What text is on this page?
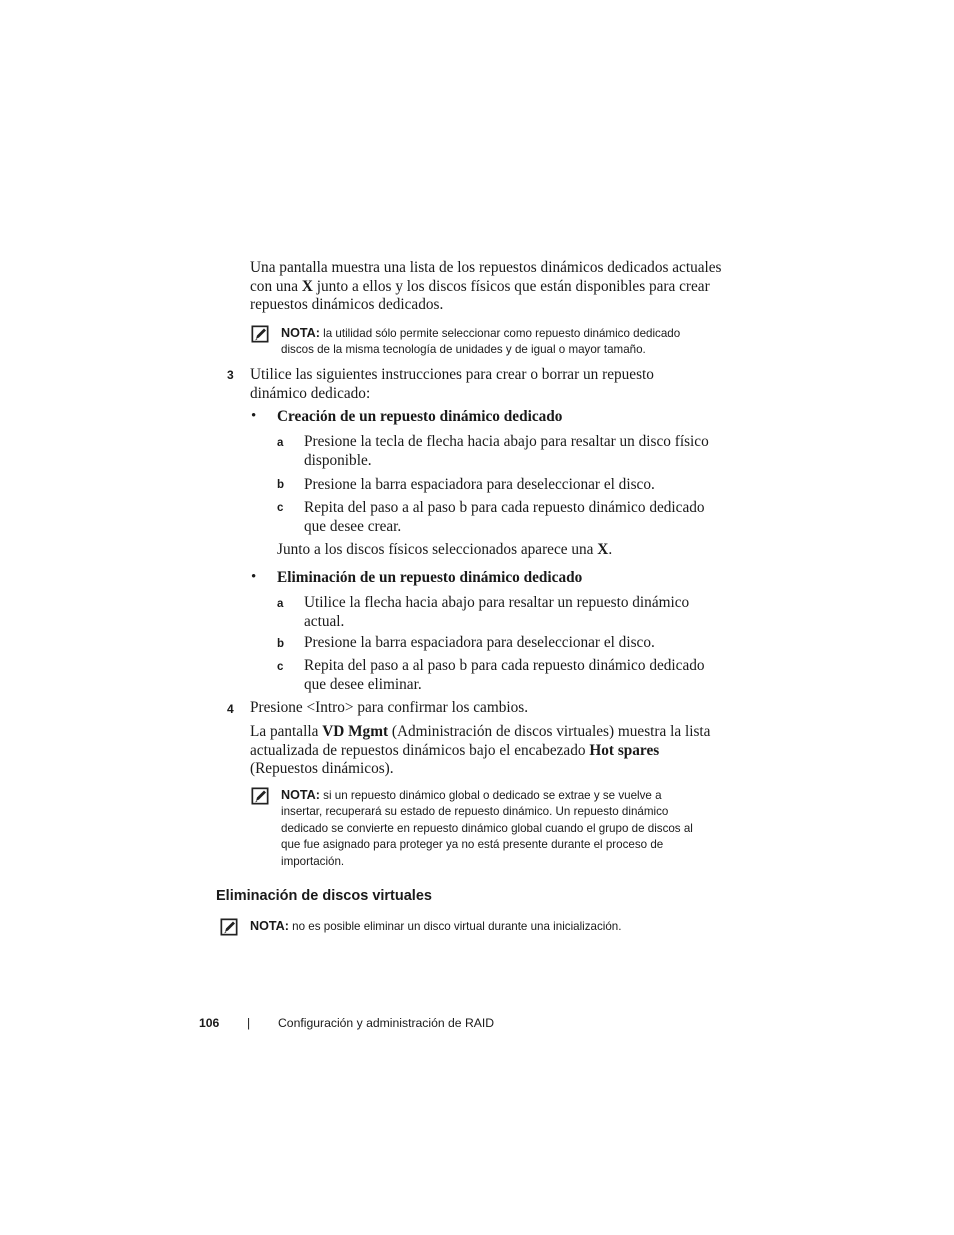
Una pantalla muestra una lista de los repuestos dinámicos dedicados actuales
con una X junto a ellos y los discos físicos que están disponibles para crear
repuestos dinámicos dedicados.
NOTA: la utilidad sólo permite seleccionar como repuesto dinámico dedicado
discos de la misma tecnología de unidades y de igual o mayor tamaño.
3 Utilice las siguientes instrucciones para crear o borrar un repuesto
dinámico dedicado:
• Creación de un repuesto dinámico dedicado
a Presione la tecla de flecha hacia abajo para resaltar un disco físico
disponible.
b Presione la barra espaciadora para deseleccionar el disco.
c Repita del paso a al paso b para cada repuesto dinámico dedicado
que desee crear.
Junto a los discos físicos seleccionados aparece una X.
• Eliminación de un repuesto dinámico dedicado
a Utilice la flecha hacia abajo para resaltar un repuesto dinámico
actual.
b Presione la barra espaciadora para deseleccionar el disco.
c Repita del paso a al paso b para cada repuesto dinámico dedicado
que desee eliminar.
4 Presione <Intro> para confirmar los cambios.
La pantalla VD Mgmt (Administración de discos virtuales) muestra la lista
actualizada de repuestos dinámicos bajo el encabezado Hot spares
(Repuestos dinámicos).
NOTA: si un repuesto dinámico global o dedicado se extrae y se vuelve a
insertar, recuperará su estado de repuesto dinámico. Un repuesto dinámico
dedicado se convierte en repuesto dinámico global cuando el grupo de discos al
que fue asignado para proteger ya no está presente durante el proceso de
importación.
Eliminación de discos virtuales
NOTA: no es posible eliminar un disco virtual durante una inicialización.
106 | Configuración y administración de RAID
